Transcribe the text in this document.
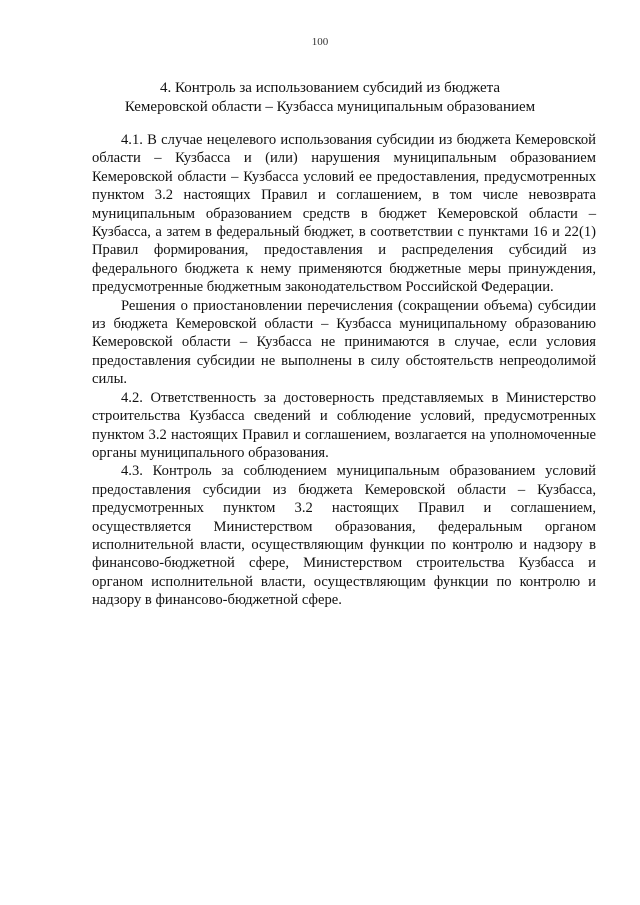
100
4. Контроль за использованием субсидий из бюджета
Кемеровской области – Кузбасса муниципальным образованием

4.1. В случае нецелевого использования субсидии из бюджета Кемеровской области – Кузбасса и (или) нарушения муниципальным образованием Кемеровской области – Кузбасса условий ее предоставления, предусмотренных пунктом 3.2 настоящих Правил и соглашением, в том числе невозврата муниципальным образованием средств в бюджет Кемеровской области – Кузбасса, а затем в федеральный бюджет, в соответствии с пунктами 16 и 22(1) Правил формирования, предоставления и распределения субсидий из федерального бюджета к нему применяются бюджетные меры принуждения, предусмотренные бюджетным законодательством Российской Федерации.

Решения о приостановлении перечисления (сокращении объема) субсидии из бюджета Кемеровской области – Кузбасса муниципальному образованию Кемеровской области – Кузбасса не принимаются в случае, если условия предоставления субсидии не выполнены в силу обстоятельств непреодолимой силы.

4.2. Ответственность за достоверность представляемых в Министерство строительства Кузбасса сведений и соблюдение условий, предусмотренных пунктом 3.2 настоящих Правил и соглашением, возлагается на уполномоченные органы муниципального образования.

4.3. Контроль за соблюдением муниципальным образованием условий предоставления субсидии из бюджета Кемеровской области – Кузбасса, предусмотренных пунктом 3.2 настоящих Правил и соглашением, осуществляется Министерством образования, федеральным органом исполнительной власти, осуществляющим функции по контролю и надзору в финансово-бюджетной сфере, Министерством строительства Кузбасса и органом исполнительной власти, осуществляющим функции по контролю и надзору в финансово-бюджетной сфере.
